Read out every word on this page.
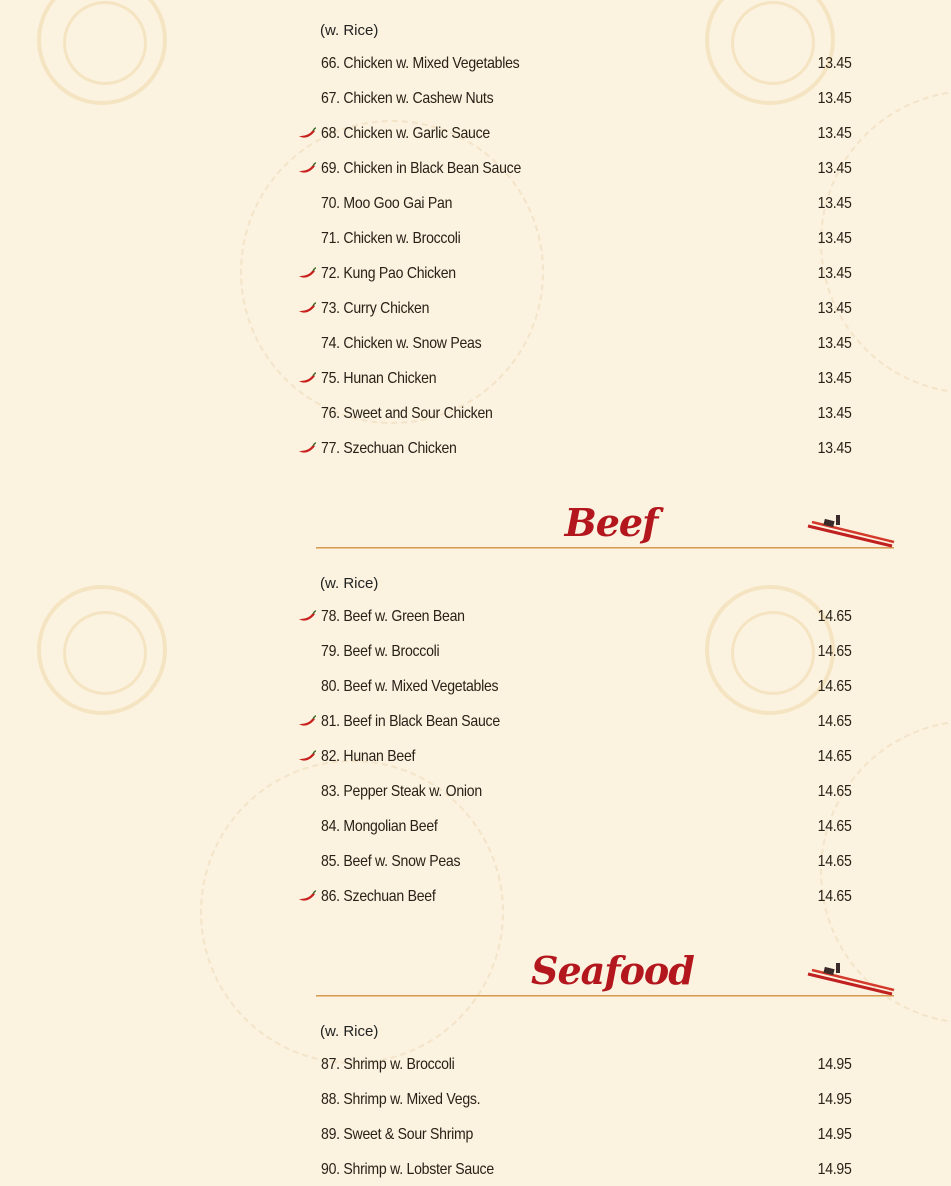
(w. Rice)
66. Chicken w. Mixed Vegetables	13.45
67. Chicken w. Cashew Nuts	13.45
68. Chicken w. Garlic Sauce	13.45
69. Chicken in Black Bean Sauce	13.45
70. Moo Goo Gai Pan	13.45
71. Chicken w. Broccoli	13.45
72. Kung Pao Chicken	13.45
73. Curry Chicken	13.45
74. Chicken w. Snow Peas	13.45
75. Hunan Chicken	13.45
76. Sweet and Sour Chicken	13.45
77. Szechuan Chicken	13.45
Beef
(w. Rice)
78. Beef w. Green Bean	14.65
79. Beef w. Broccoli	14.65
80. Beef w. Mixed Vegetables	14.65
81. Beef in Black Bean Sauce	14.65
82. Hunan Beef	14.65
83. Pepper Steak w. Onion	14.65
84. Mongolian Beef	14.65
85. Beef w. Snow Peas	14.65
86. Szechuan Beef	14.65
Seafood
(w. Rice)
87. Shrimp w. Broccoli	14.95
88. Shrimp w. Mixed Vegs.	14.95
89. Sweet & Sour Shrimp	14.95
90. Shrimp w. Lobster Sauce	14.95
